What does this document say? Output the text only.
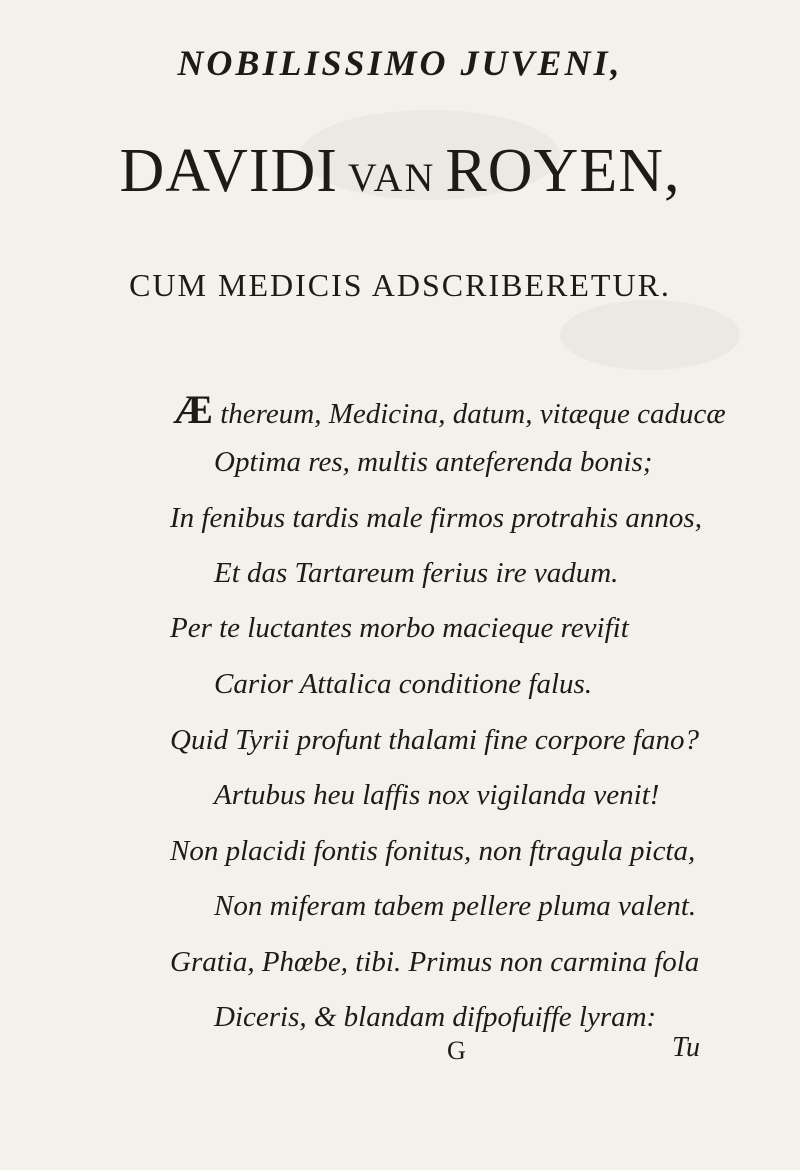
NOBILISSIMO JUVENI,
DAVIDI VAN ROYEN,
CUM MEDICIS ADSCRIBERETUR.
Æ thereum, Medicina, datum, vitæque caducæ
Optima res, multis anteferenda bonis;
In fenibus tardis male firmos protrahis annos,
Et das Tartareum ferius ire vadum.
Per te luctantes morbo macieque revifit
Carior Attalica conditione falus.
Quid Tyrii profunt thalami fine corpore fano?
Artubus heu laffis nox vigilanda venit!
Non placidi fontis fonitus, non ftragula picta,
Non miferam tabem pellere pluma valent.
Gratia, Phœbe, tibi. Primus non carmina fola
Diceris, & blandam difpofuiffe lyram:
G	Tu
